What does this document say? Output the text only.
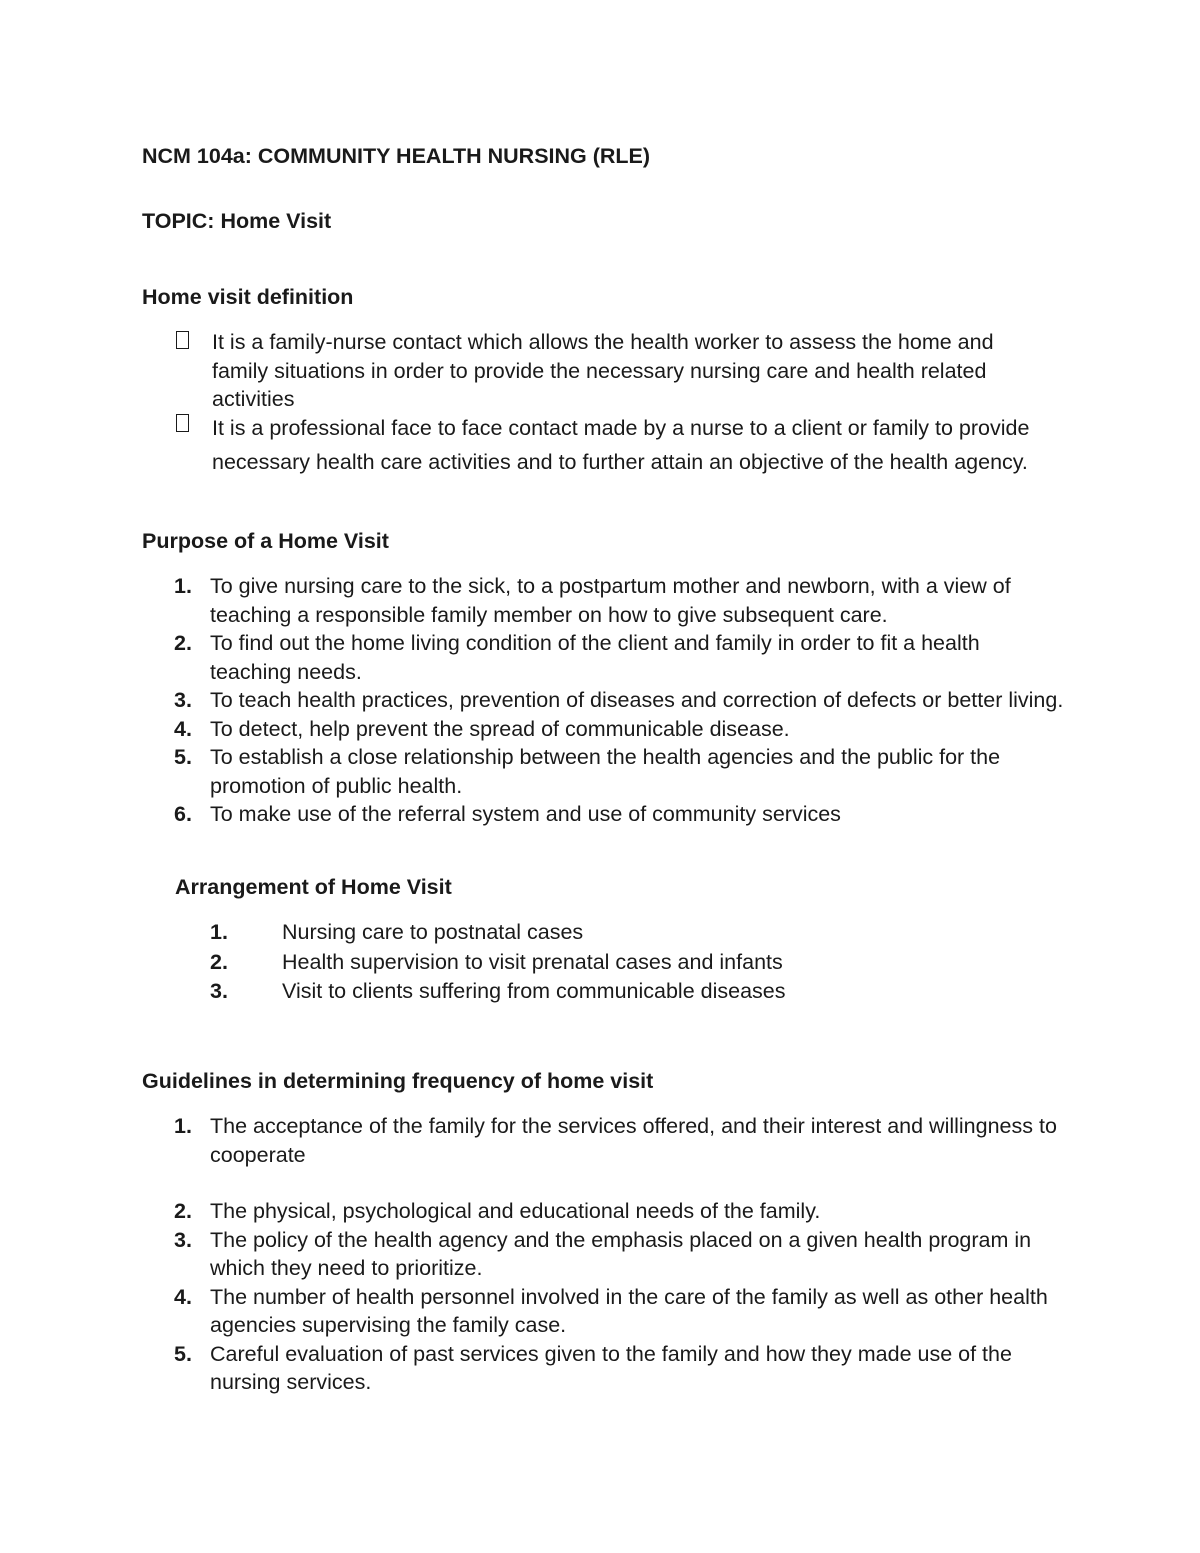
NCM 104a: COMMUNITY HEALTH NURSING (RLE)
TOPIC: Home Visit
Home visit definition
It is a family-nurse contact which allows the health worker to assess the home and family situations in order to provide the necessary nursing care and health related activities
It is a professional face to face contact made by a nurse to a client or family to provide necessary health care activities and to further attain an objective of the health agency.
Purpose of a Home Visit
1. To give nursing care to the sick, to a postpartum mother and newborn, with a view of teaching a responsible family member on how to give subsequent care.
2. To find out the home living condition of the client and family in order to fit a health teaching needs.
3. To teach health practices, prevention of diseases and correction of defects or better living.
4. To detect, help prevent the spread of communicable disease.
5. To establish a close relationship between the health agencies and the public for the promotion of public health.
6. To make use of the referral system and use of community services
Arrangement of Home Visit
1.	Nursing care to postnatal cases
2.	Health supervision to visit prenatal cases and infants
3.	Visit to clients suffering from communicable diseases
Guidelines in determining frequency of home visit
1. The acceptance of the family for the services offered, and their interest and willingness to cooperate
2. The physical, psychological and educational needs of the family.
3. The policy of the health agency and the emphasis placed on a given health program in which they need to prioritize.
4. The number of health personnel involved in the care of the family as well as other health agencies supervising the family case.
5. Careful evaluation of past services given to the family and how they made use of the nursing services.
